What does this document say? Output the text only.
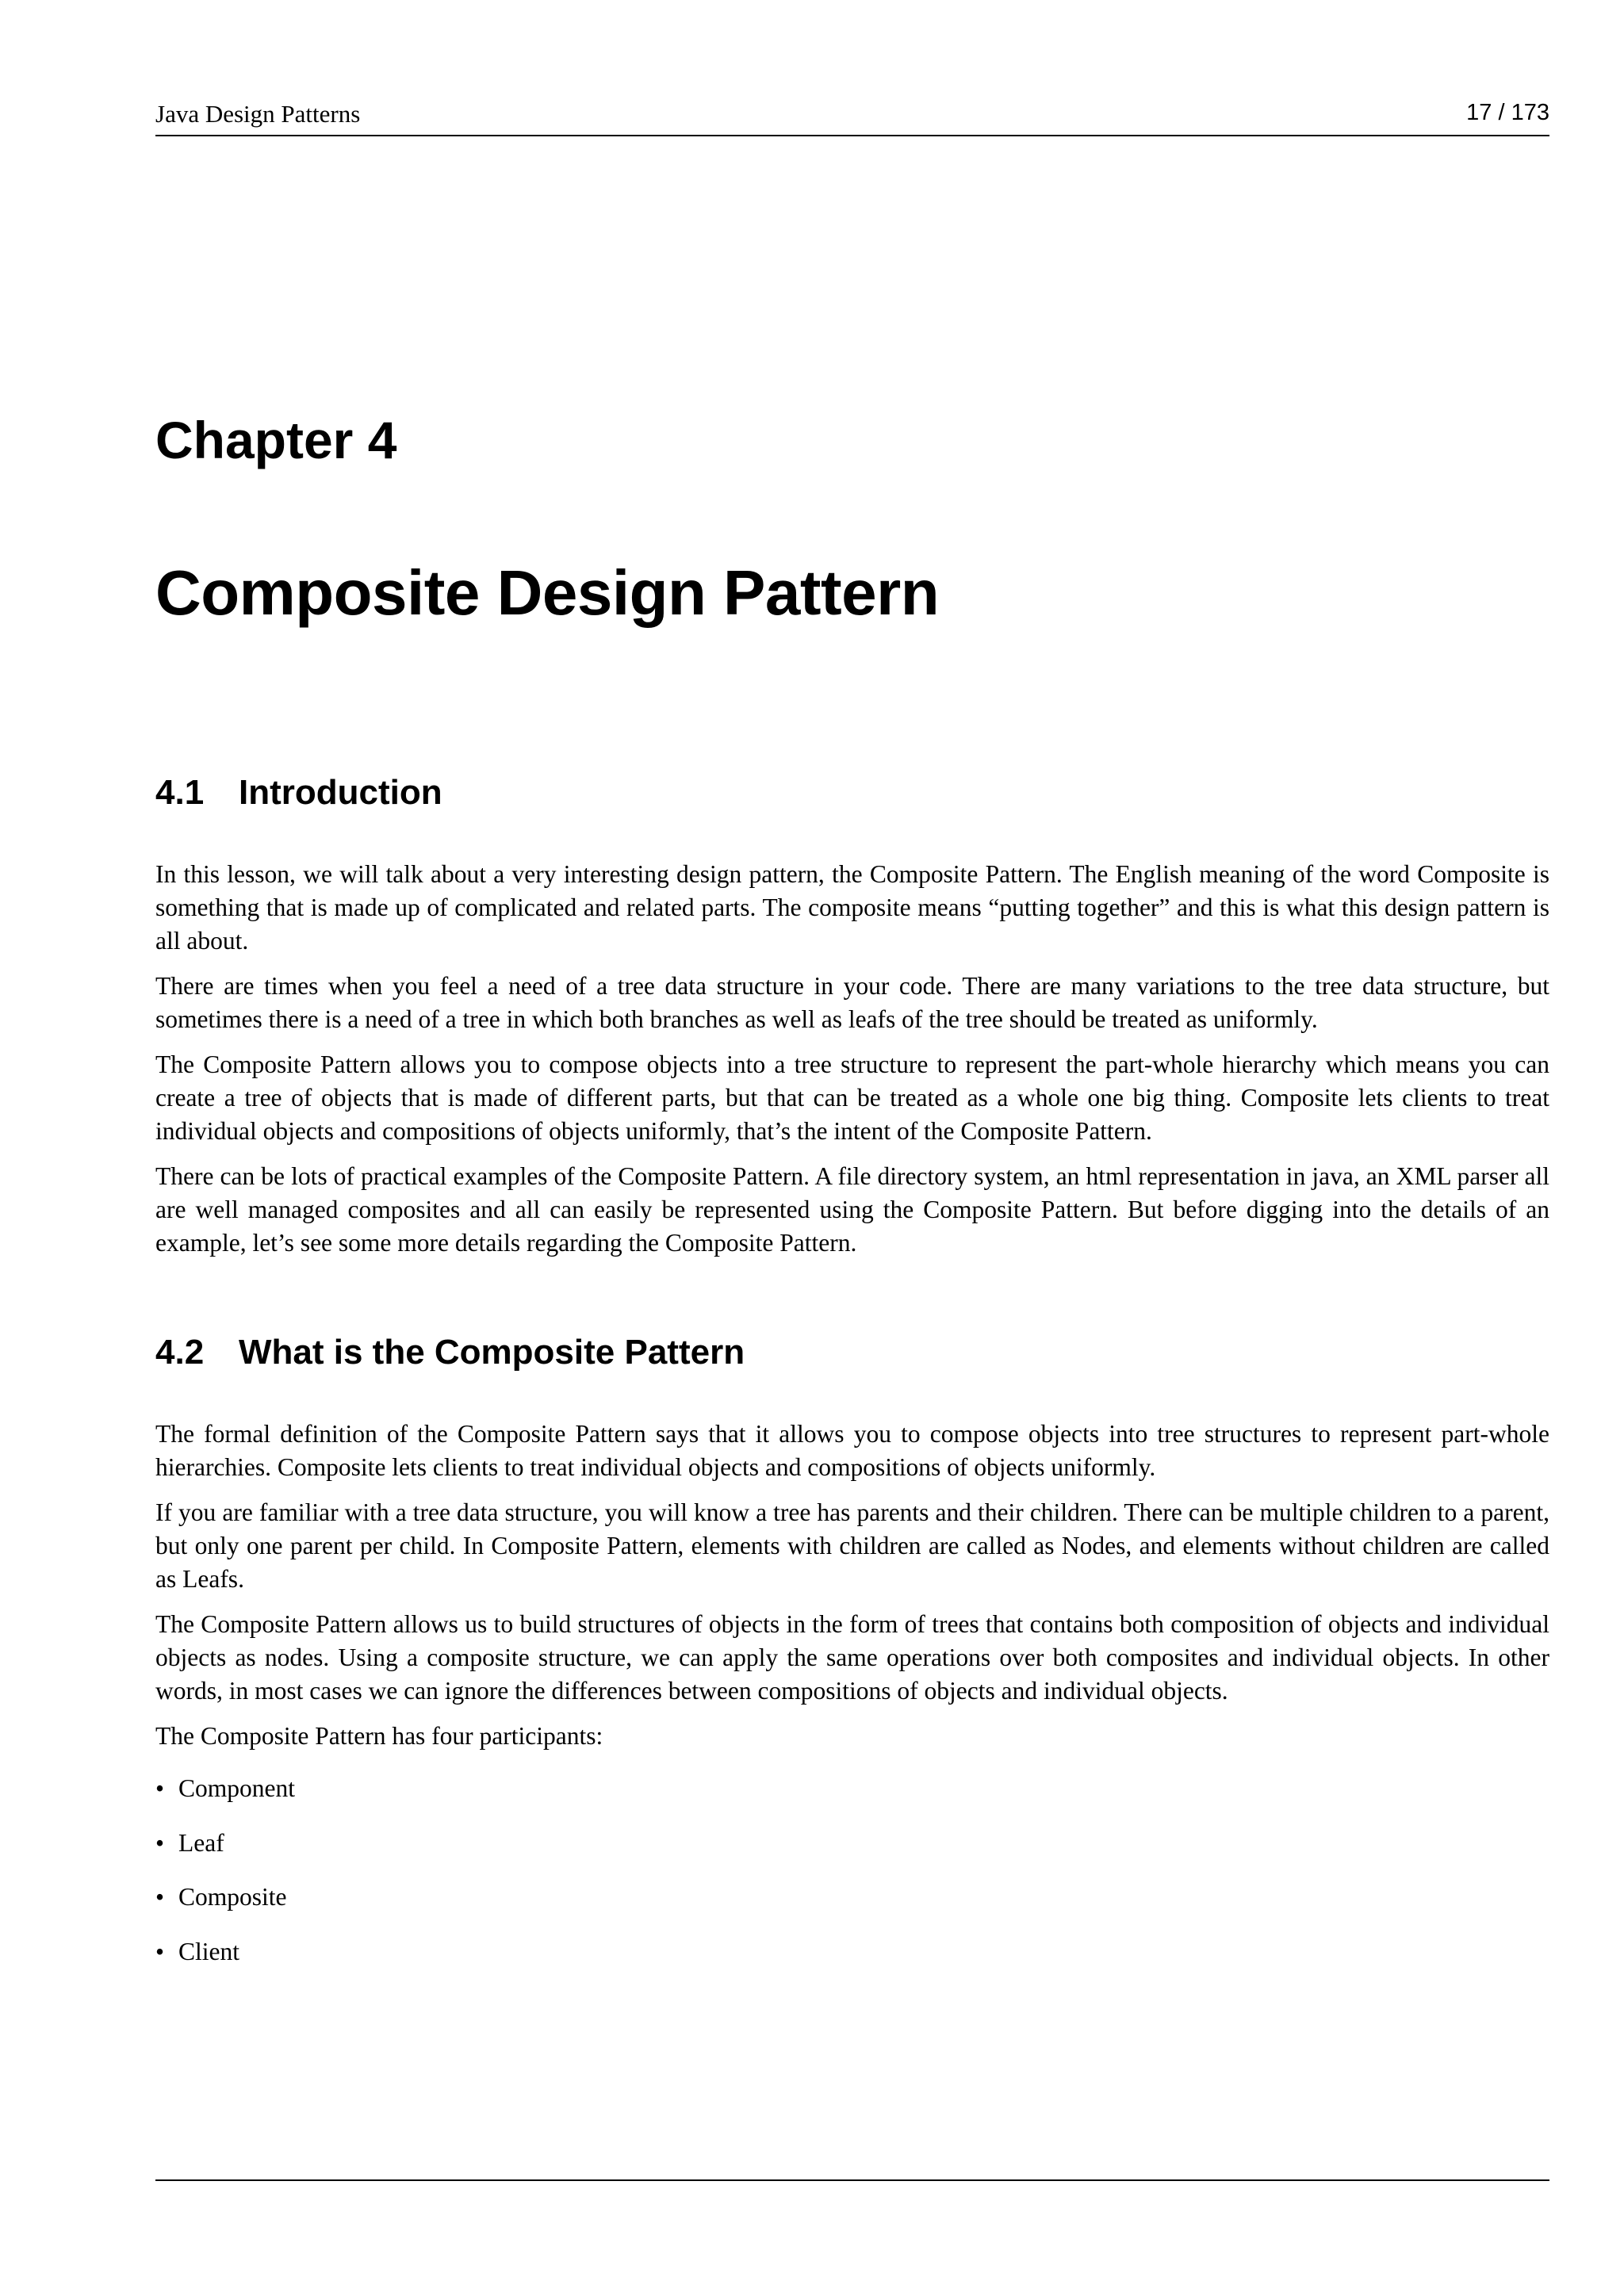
Java Design Patterns	17 / 173
Chapter 4
Composite Design Pattern
4.1 Introduction

In this lesson, we will talk about a very interesting design pattern, the Composite Pattern. The English meaning of the word Composite is something that is made up of complicated and related parts. The composite means “putting together” and this is what this design pattern is all about.

There are times when you feel a need of a tree data structure in your code. There are many variations to the tree data structure, but sometimes there is a need of a tree in which both branches as well as leafs of the tree should be treated as uniformly.

The Composite Pattern allows you to compose objects into a tree structure to represent the part-whole hierarchy which means you can create a tree of objects that is made of different parts, but that can be treated as a whole one big thing. Composite lets clients to treat individual objects and compositions of objects uniformly, that’s the intent of the Composite Pattern.

There can be lots of practical examples of the Composite Pattern. A file directory system, an html representation in java, an XML parser all are well managed composites and all can easily be represented using the Composite Pattern. But before digging into the details of an example, let’s see some more details regarding the Composite Pattern.

4.2 What is the Composite Pattern

The formal definition of the Composite Pattern says that it allows you to compose objects into tree structures to represent part-whole hierarchies. Composite lets clients to treat individual objects and compositions of objects uniformly.

If you are familiar with a tree data structure, you will know a tree has parents and their children. There can be multiple children to a parent, but only one parent per child. In Composite Pattern, elements with children are called as Nodes, and elements without children are called as Leafs.

The Composite Pattern allows us to build structures of objects in the form of trees that contains both composition of objects and individual objects as nodes. Using a composite structure, we can apply the same operations over both composites and individual objects. In other words, in most cases we can ignore the differences between compositions of objects and individual objects.

The Composite Pattern has four participants:

• Component
• Leaf
• Composite
• Client
